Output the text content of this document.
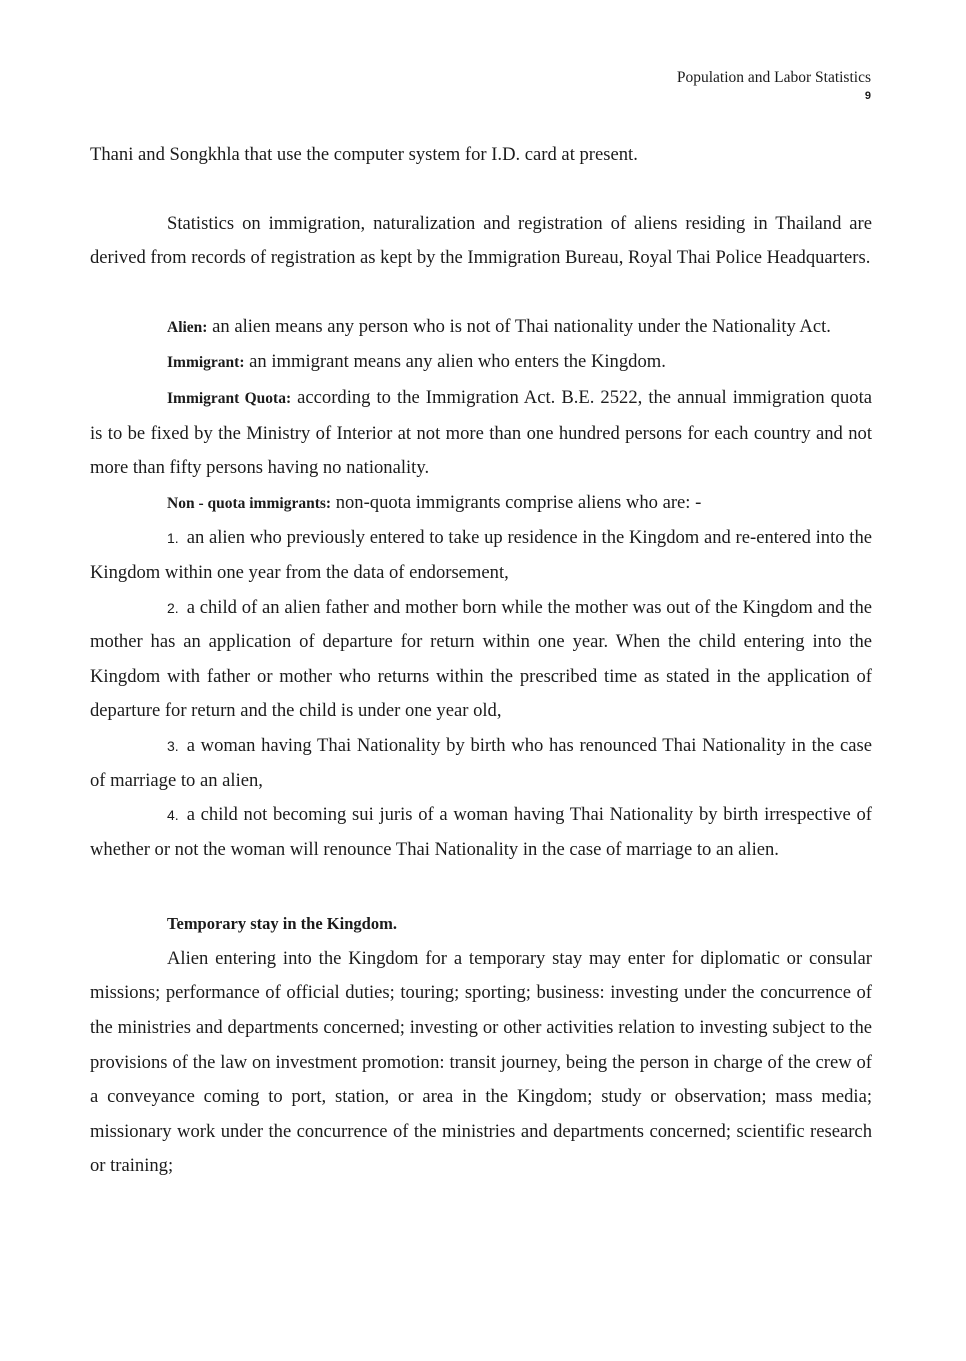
Population and Labor Statistics
9

Thani and Songkhla that use the computer system for I.D. card at present.

Statistics on immigration, naturalization and registration of aliens residing in Thailand are derived from records of registration as kept by the Immigration Bureau, Royal Thai Police Headquarters.

Alien: an alien means any person who is not of Thai nationality under the Nationality Act.

Immigrant: an immigrant means any alien who enters the Kingdom.

Immigrant Quota: according to the Immigration Act. B.E. 2522, the annual immigration quota is to be fixed by the Ministry of Interior at not more than one hundred persons for each country and not more than fifty persons having no nationality.

Non - quota immigrants: non-quota immigrants comprise aliens who are: -

1. an alien who previously entered to take up residence in the Kingdom and re-entered into the Kingdom within one year from the data of endorsement,

2. a child of an alien father and mother born while the mother was out of the Kingdom and the mother has an application of departure for return within one year. When the child entering into the Kingdom with father or mother who returns within the prescribed time as stated in the application of departure for return and the child is under one year old,

3. a woman having Thai Nationality by birth who has renounced Thai Nationality in the case of marriage to an alien,

4. a child not becoming sui juris of a woman having Thai Nationality by birth irrespective of whether or not the woman will renounce Thai Nationality in the case of marriage to an alien.

Temporary stay in the Kingdom.

Alien entering into the Kingdom for a temporary stay may enter for diplomatic or consular missions; performance of official duties; touring; sporting; business: investing under the concurrence of the ministries and departments concerned; investing or other activities relation to investing subject to the provisions of the law on investment promotion: transit journey, being the person in charge of the crew of a conveyance coming to port, station, or area in the Kingdom; study or observation; mass media; missionary work under the concurrence of the ministries and departments concerned; scientific research or training;
